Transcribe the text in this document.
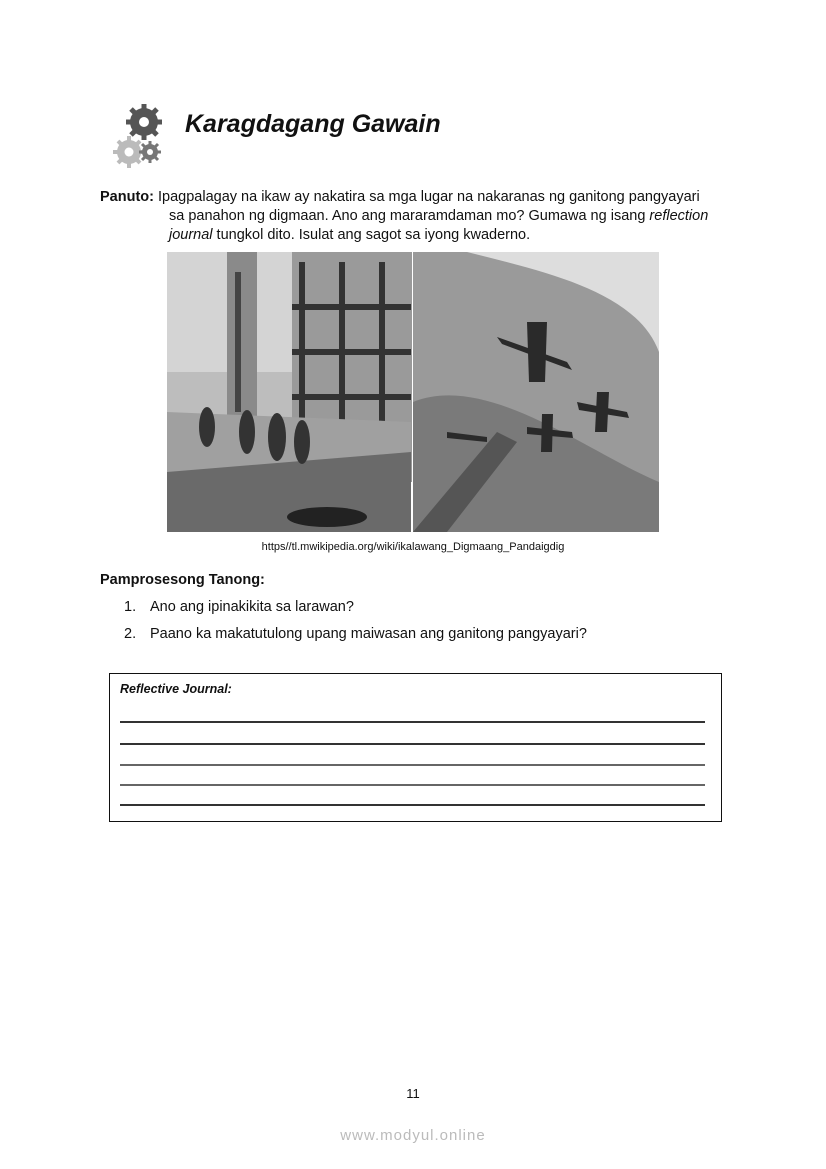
Karagdagang Gawain
Panuto: Ipagpalagay na ikaw ay nakatira sa mga lugar na nakaranas ng ganitong pangyayari
sa panahon ng digmaan. Ano ang mararamdaman mo? Gumawa ng isang reflection
journal tungkol dito. Isulat ang sagot sa iyong kwaderno.
https//tl.mwikipedia.org/wiki/ikalawang_Digmaang_Pandaigdig
Pamprosesong Tanong:
1. Ano ang ipinakikita sa larawan?
2. Paano ka makatutulong upang maiwasan ang ganitong pangyayari?
Reflective Journal:
11
www.modyul.online
